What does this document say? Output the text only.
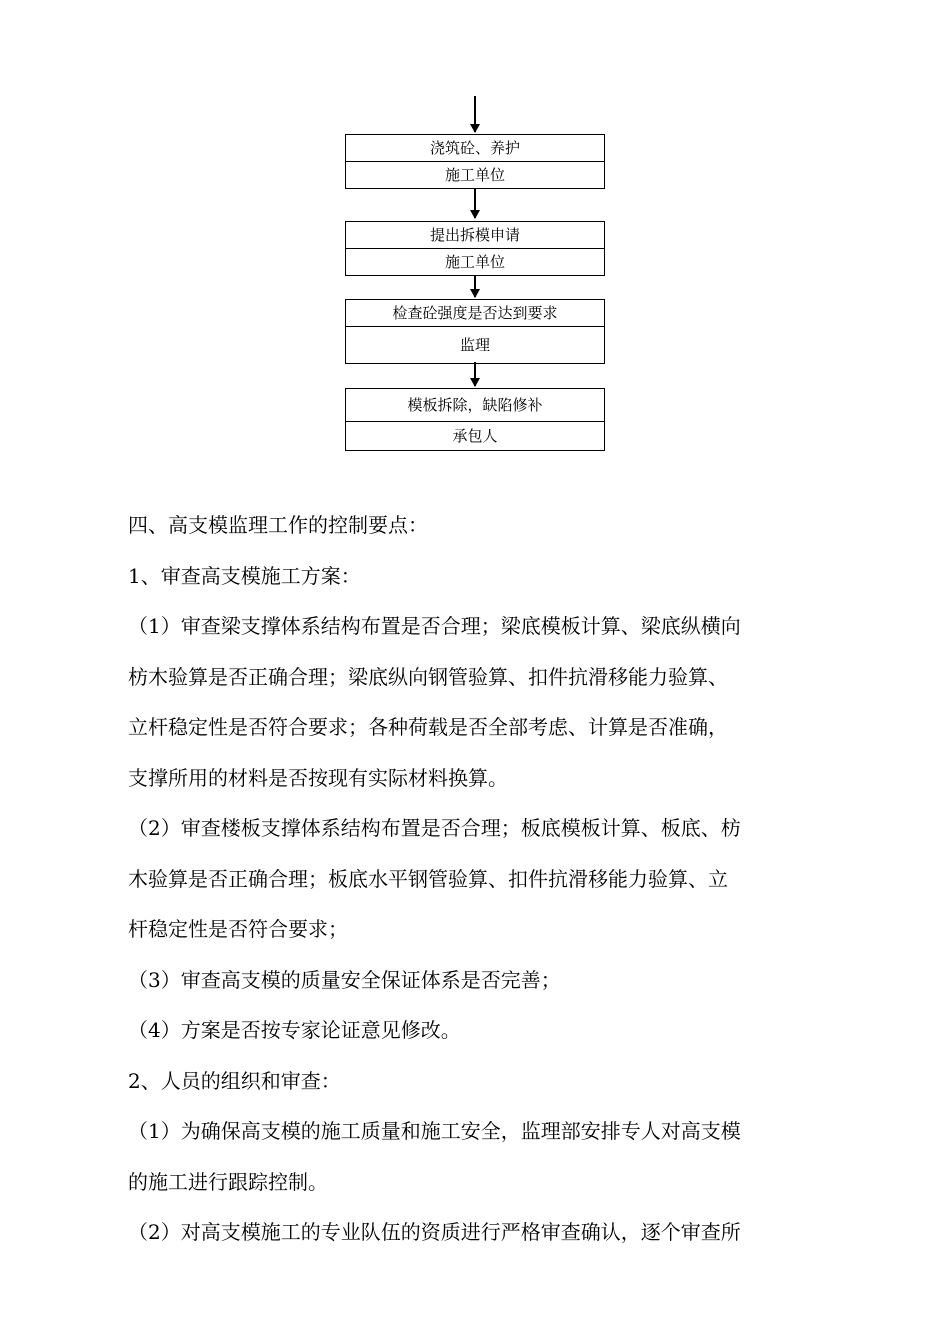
浇筑砼、养护
施工单位
提出拆模申请
施工单位
检查砼强度是否达到要求
监理
模板拆除，缺陷修补
承包人

四、高支模监理工作的控制要点：

1、审查高支模施工方案：

（1）审查梁支撑体系结构布置是否合理；梁底模板计算、梁底纵横向

枋木验算是否正确合理；梁底纵向钢管验算、扣件抗滑移能力验算、

立杆稳定性是否符合要求；各种荷载是否全部考虑、计算是否准确，

支撑所用的材料是否按现有实际材料换算。

（2）审查楼板支撑体系结构布置是否合理；板底模板计算、板底、枋

木验算是否正确合理；板底水平钢管验算、扣件抗滑移能力验算、立

杆稳定性是否符合要求；

（3）审查高支模的质量安全保证体系是否完善；

（4）方案是否按专家论证意见修改。

2、人员的组织和审查：

（1）为确保高支模的施工质量和施工安全，监理部安排专人对高支模

的施工进行跟踪控制。

（2）对高支模施工的专业队伍的资质进行严格审查确认，逐个审查所
